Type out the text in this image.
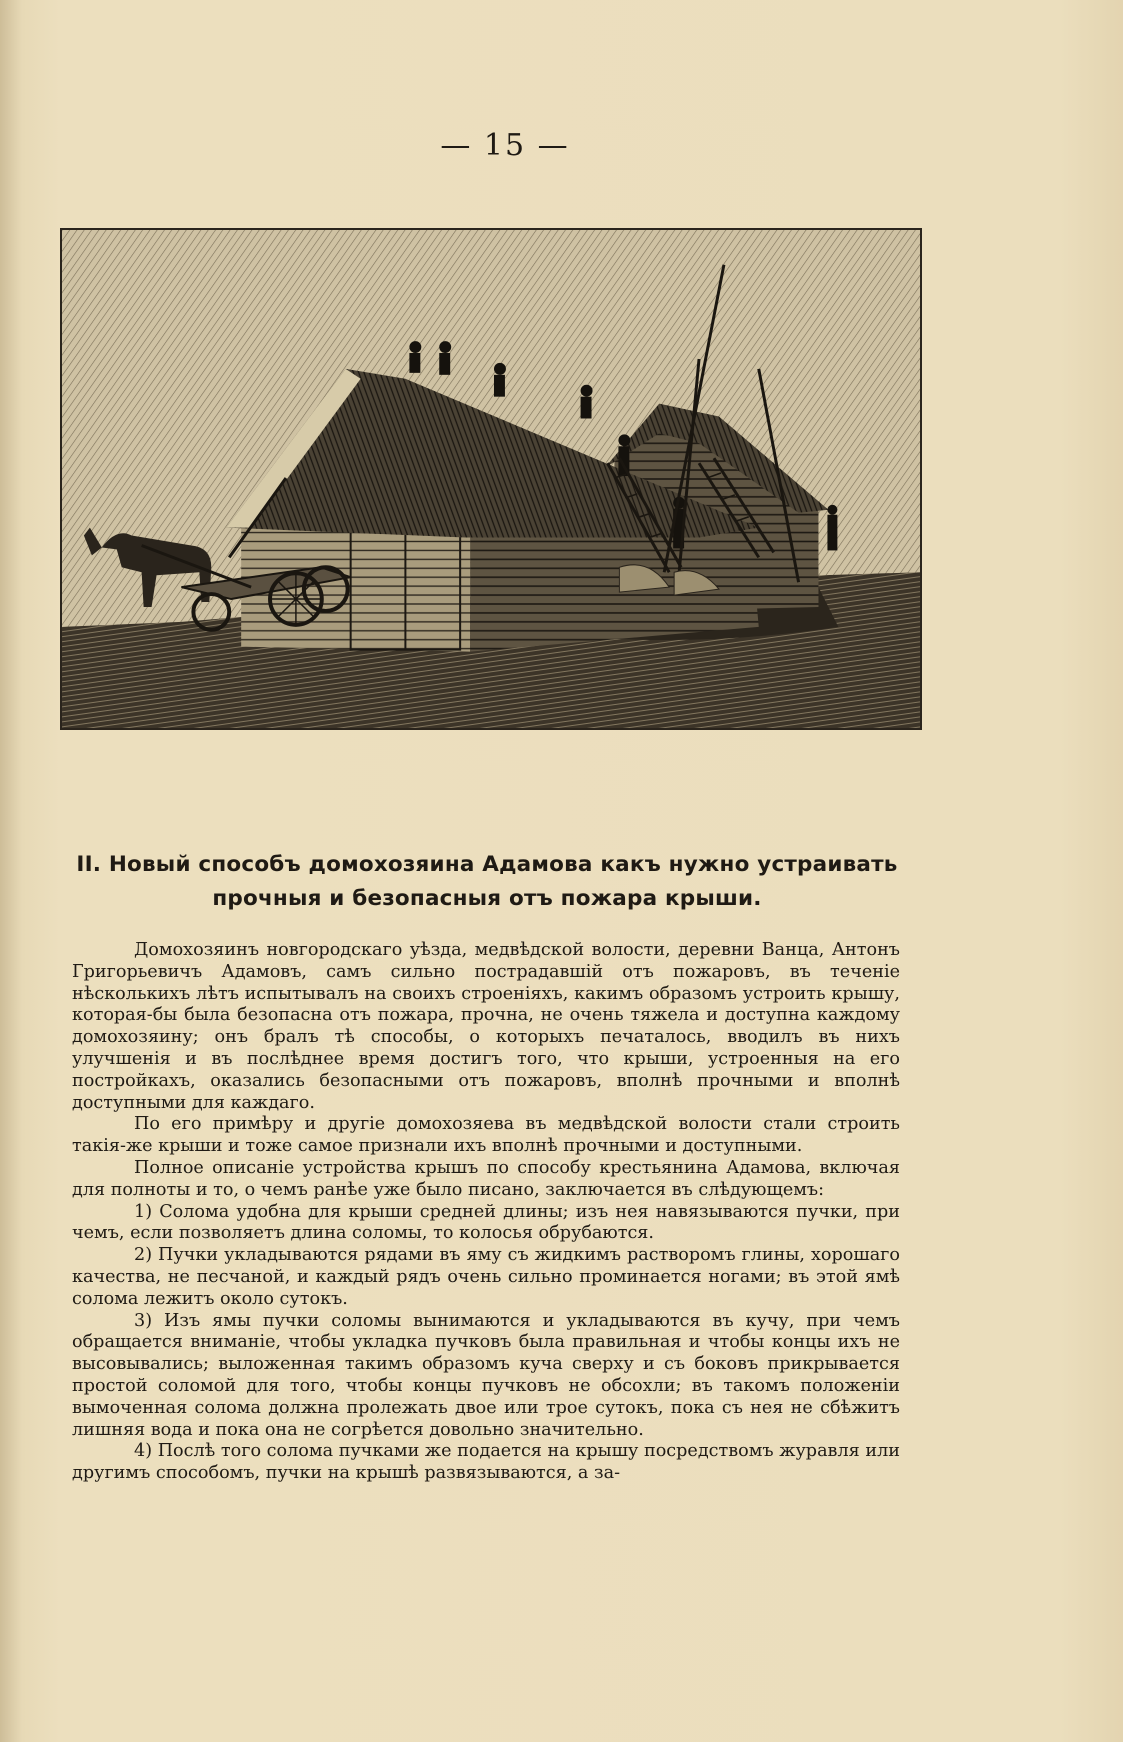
— 15 —
II. Новый способъ домохозяина Адамова какъ нужно устраивать прочныя и безопасныя отъ пожара крыши.

Домохозяинъ новгородскаго уѣзда, медвѣдской волости, деревни Ванца, Антонъ Григорьевичъ Адамовъ, самъ сильно пострадавшій отъ пожаровъ, въ теченіе нѣсколькихъ лѣтъ испытывалъ на своихъ строеніяхъ, какимъ образомъ устроить крышу, которая-бы была безопасна отъ пожара, прочна, не очень тяжела и доступна каждому домохозяину; онъ бралъ тѣ способы, о которыхъ печаталось, вводилъ въ нихъ улучшенія и въ послѣднее время достигъ того, что крыши, устроенныя на его постройкахъ, оказались безопасными отъ пожаровъ, вполнѣ прочными и вполнѣ доступными для каждаго.

По его примѣру и другіе домохозяева въ медвѣдской волости стали строить такія-же крыши и тоже самое признали ихъ вполнѣ прочными и доступными.

Полное описаніе устройства крышъ по способу крестьянина Адамова, включая для полноты и то, о чемъ ранѣе уже было писано, заключается въ слѣдующемъ:

1) Солома удобна для крыши средней длины; изъ нея навязываются пучки, при чемъ, если позволяетъ длина соломы, то колосья обрубаются.

2) Пучки укладываются рядами въ яму съ жидкимъ растворомъ глины, хорошаго качества, не песчаной, и каждый рядъ очень сильно проминается ногами; въ этой ямѣ солома лежитъ около сутокъ.

3) Изъ ямы пучки соломы вынимаются и укладываются въ кучу, при чемъ обращается вниманіе, чтобы укладка пучковъ была правильная и чтобы концы ихъ не высовывались; выложенная такимъ образомъ куча сверху и съ боковъ прикрывается простой соломой для того, чтобы концы пучковъ не обсохли; въ такомъ положеніи вымоченная солома должна пролежать двое или трое сутокъ, пока съ нея не сбѣжитъ лишняя вода и пока она не согрѣется довольно значительно.

4) Послѣ того солома пучками же подается на крышу посредствомъ журавля или другимъ способомъ, пучки на крышѣ развязываются, а за-
